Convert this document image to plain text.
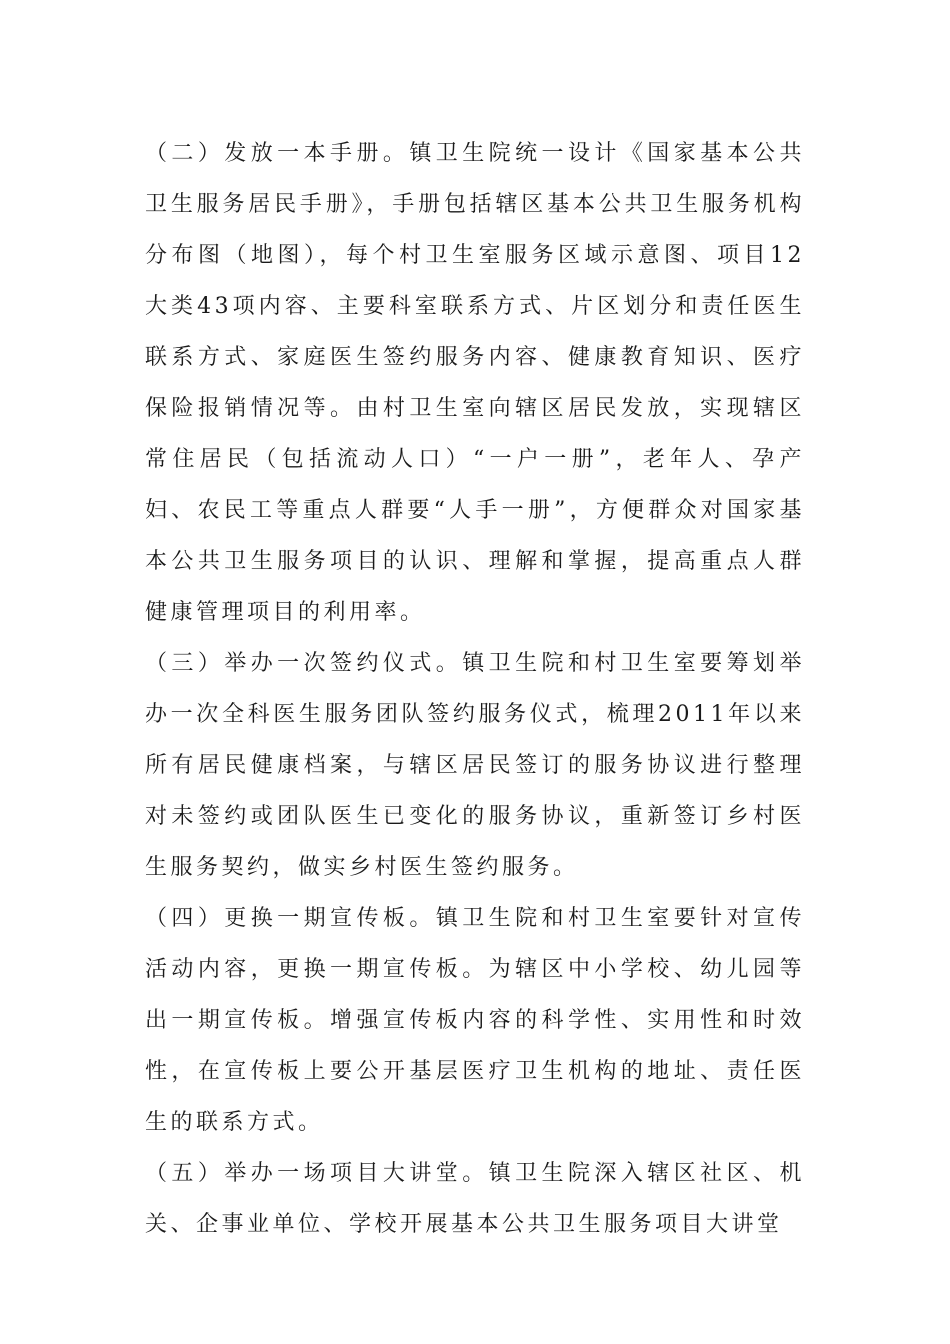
（二）发放一本手册。镇卫生院统一设计《国家基本公共卫生服务居民手册》，手册包括辖区基本公共卫生服务机构分布图（地图），每个村卫生室服务区域示意图、项目12大类43项内容、主要科室联系方式、片区划分和责任医生联系方式、家庭医生签约服务内容、健康教育知识、医疗保险报销情况等。由村卫生室向辖区居民发放，实现辖区常住居民（包括流动人口）“一户一册”，老年人、孕产妇、农民工等重点人群要“人手一册”，方便群众对国家基本公共卫生服务项目的认识、理解和掌握，提高重点人群健康管理项目的利用率。

（三）举办一次签约仪式。镇卫生院和村卫生室要筹划举办一次全科医生服务团队签约服务仪式，梳理2011年以来所有居民健康档案，与辖区居民签订的服务协议进行整理对未签约或团队医生已变化的服务协议，重新签订乡村医生服务契约，做实乡村医生签约服务。

（四）更换一期宣传板。镇卫生院和村卫生室要针对宣传活动内容，更换一期宣传板。为辖区中小学校、幼儿园等出一期宣传板。增强宣传板内容的科学性、实用性和时效性，在宣传板上要公开基层医疗卫生机构的地址、责任医生的联系方式。

（五）举办一场项目大讲堂。镇卫生院深入辖区社区、机关、企事业单位、学校开展基本公共卫生服务项目大讲堂
